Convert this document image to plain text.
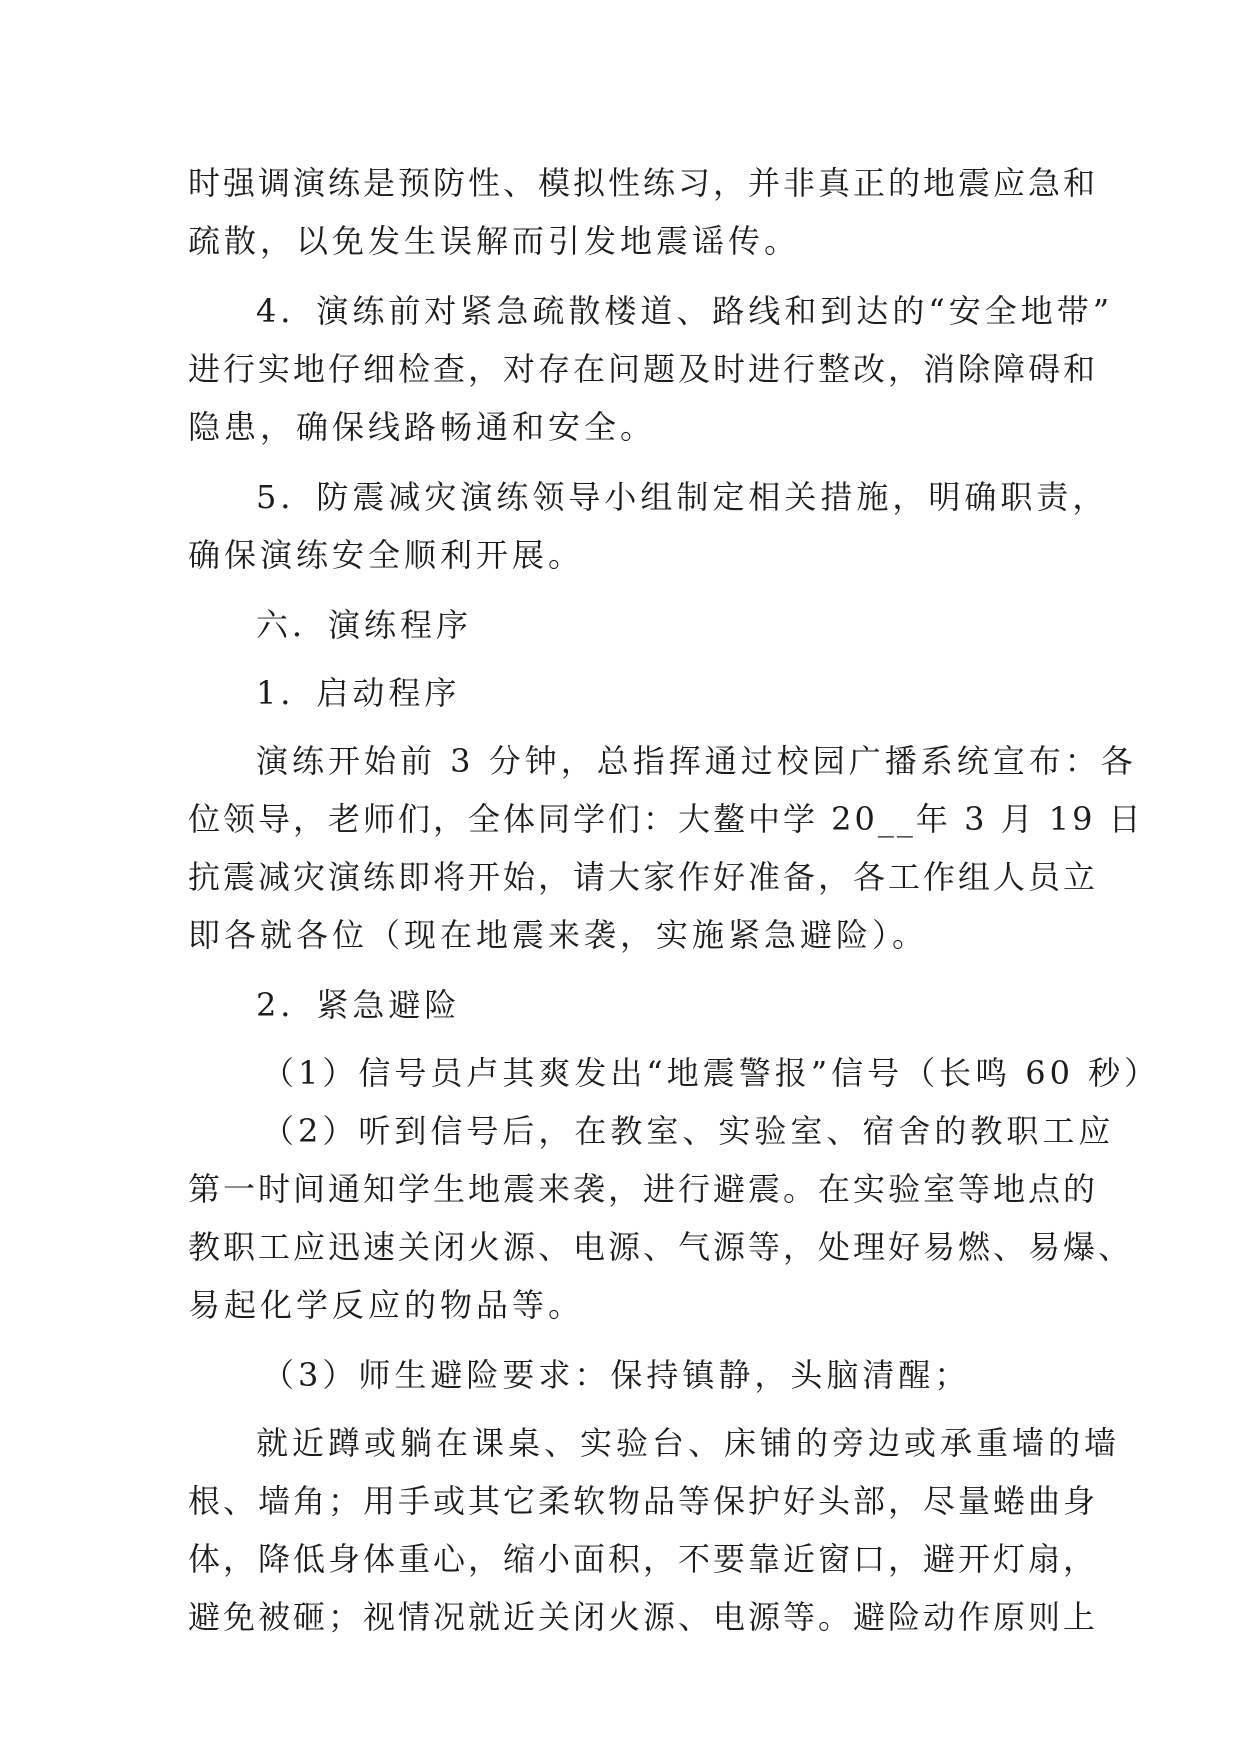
时强调演练是预防性、模拟性练习，并非真正的地震应急和
疏散，以免发生误解而引发地震谣传。
4．演练前对紧急疏散楼道、路线和到达的“安全地带”
进行实地仔细检查，对存在问题及时进行整改，消除障碍和
隐患，确保线路畅通和安全。
5．防震减灾演练领导小组制定相关措施，明确职责，
确保演练安全顺利开展。
六．演练程序
1．启动程序
演练开始前 3 分钟，总指挥通过校园广播系统宣布：各
位领导，老师们，全体同学们：大鳌中学 20__年 3 月 19 日
抗震减灾演练即将开始，请大家作好准备，各工作组人员立
即各就各位（现在地震来袭，实施紧急避险）。
2．紧急避险
（1）信号员卢其爽发出“地震警报”信号（长鸣 60 秒）
（2）听到信号后，在教室、实验室、宿舍的教职工应
第一时间通知学生地震来袭，进行避震。在实验室等地点的
教职工应迅速关闭火源、电源、气源等，处理好易燃、易爆、
易起化学反应的物品等。
（3）师生避险要求：保持镇静，头脑清醒；
就近蹲或躺在课桌、实验台、床铺的旁边或承重墙的墙
根、墙角；用手或其它柔软物品等保护好头部，尽量蜷曲身
体，降低身体重心，缩小面积，不要靠近窗口，避开灯扇，
避免被砸；视情况就近关闭火源、电源等。避险动作原则上
